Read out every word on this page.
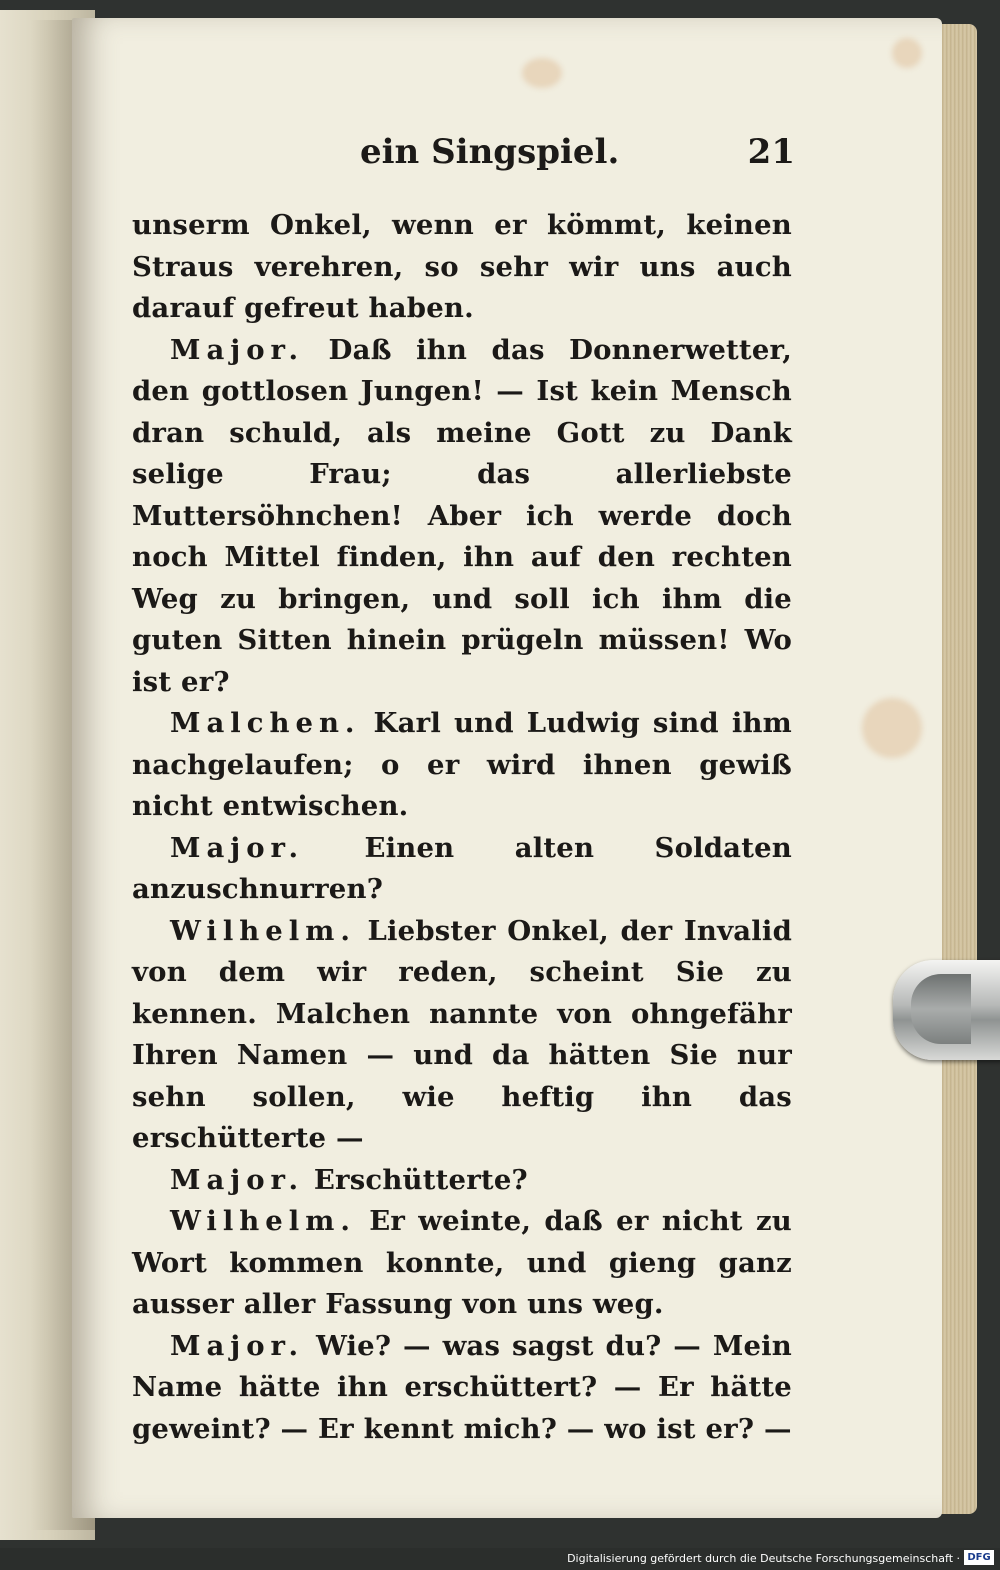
ein Singspiel.	21

unserm Onkel, wenn er kömmt, keinen Straus verehren, so sehr wir uns auch darauf gefreut haben.

Major. Daß ihn das Donnerwetter, den gottlosen Jungen! — Ist kein Mensch dran schuld, als meine Gott zu Dank selige Frau; das allerliebste Muttersöhnchen! Aber ich werde doch noch Mittel finden, ihn auf den rechten Weg zu bringen, und soll ich ihm die guten Sitten hinein prügeln müssen! Wo ist er?

Malchen. Karl und Ludwig sind ihm nachgelaufen; o er wird ihnen gewiß nicht entwischen.

Major. Einen alten Soldaten anzuschnurren?

Wilhelm. Liebster Onkel, der Invalid von dem wir reden, scheint Sie zu kennen. Malchen nannte von ohngefähr Ihren Namen — und da hätten Sie nur sehn sollen, wie heftig ihn das erschütterte —

Major. Erschütterte?

Wilhelm. Er weinte, daß er nicht zu Wort kommen konnte, und gieng ganz ausser aller Fassung von uns weg.

Major. Wie? — was sagst du? — Mein Name hätte ihn erschüttert? — Er hätte geweint? — Er kennt mich? — wo ist er? —

Digitalisierung gefördert durch die Deutsche Forschungsgemeinschaft · DFG
